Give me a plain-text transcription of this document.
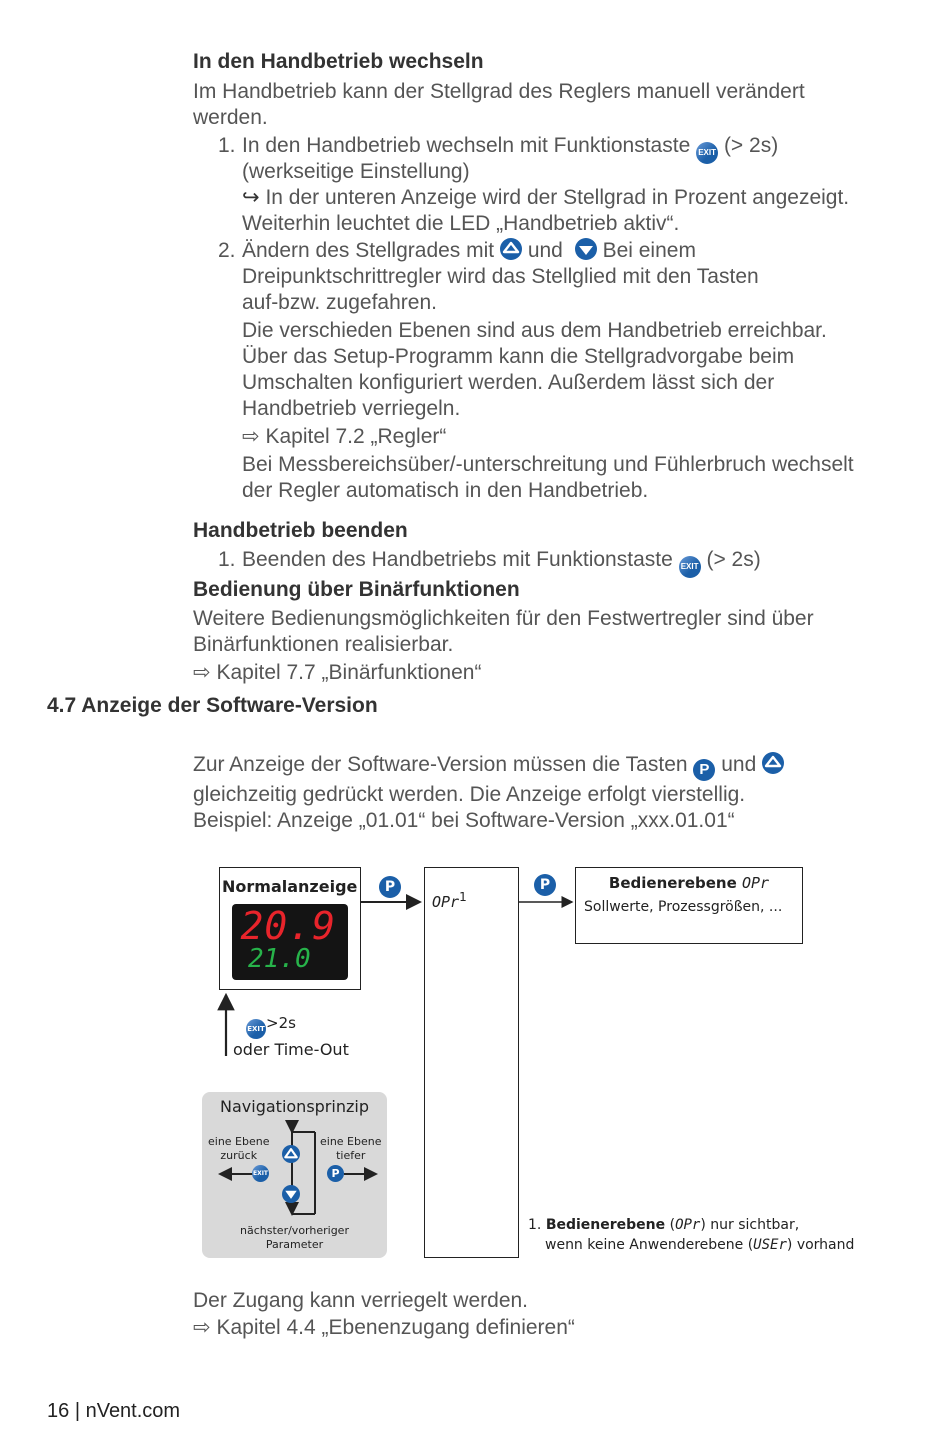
In den Handbetrieb wechseln
Im Handbetrieb kann der Stellgrad des Reglers manuell verändert
werden.
1. In den Handbetrieb wechseln mit Funktionstaste EXIT (> 2s)
(werkseitige Einstellung)
↪ In der unteren Anzeige wird der Stellgrad in Prozent angezeigt.
Weiterhin leuchtet die LED „Handbetrieb aktiv“.
2. Ändern des Stellgrades mit und Bei einem
Dreipunktschrittregler wird das Stellglied mit den Tasten
auf-bzw. zugefahren.
Die verschieden Ebenen sind aus dem Handbetrieb erreichbar.
Über das Setup-Programm kann die Stellgradvorgabe beim
Umschalten konfiguriert werden. Außerdem lässt sich der
Handbetrieb verriegeln.
⇨ Kapitel 7.2 „Regler“
Bei Messbereichsüber/-unterschreitung und Fühlerbruch wechselt
der Regler automatisch in den Handbetrieb.
Handbetrieb beenden
1. Beenden des Handbetriebs mit Funktionstaste EXIT (> 2s)
Bedienung über Binärfunktionen
Weitere Bedienungsmöglichkeiten für den Festwertregler sind über
Binärfunktionen realisierbar.
⇨ Kapitel 7.7 „Binärfunktionen“
4.7 Anzeige der Software-Version
Zur Anzeige der Software-Version müssen die Tasten P und
gleichzeitig gedrückt werden. Die Anzeige erfolgt vierstellig.
Beispiel: Anzeige „01.01“ bei Software-Version „xxx.01.01“
Normalanzeige
20.9
21.0
P	P
OPr$^1$
Bedienerebene OPr
Sollwerte, Prozessgrößen, ...
EXIT>2s
oder Time-Out
Navigationsprinzip
eine Ebene
zurück
eine Ebene
tiefer
EXIT	P
nächster/vorheriger
Parameter
1. Bedienerebene (OPr) nur sichtbar,
wenn keine Anwenderebene (USEr) vorhand
Der Zugang kann verriegelt werden.
⇨ Kapitel 4.4 „Ebenenzugang definieren“
16 | nVent.com
